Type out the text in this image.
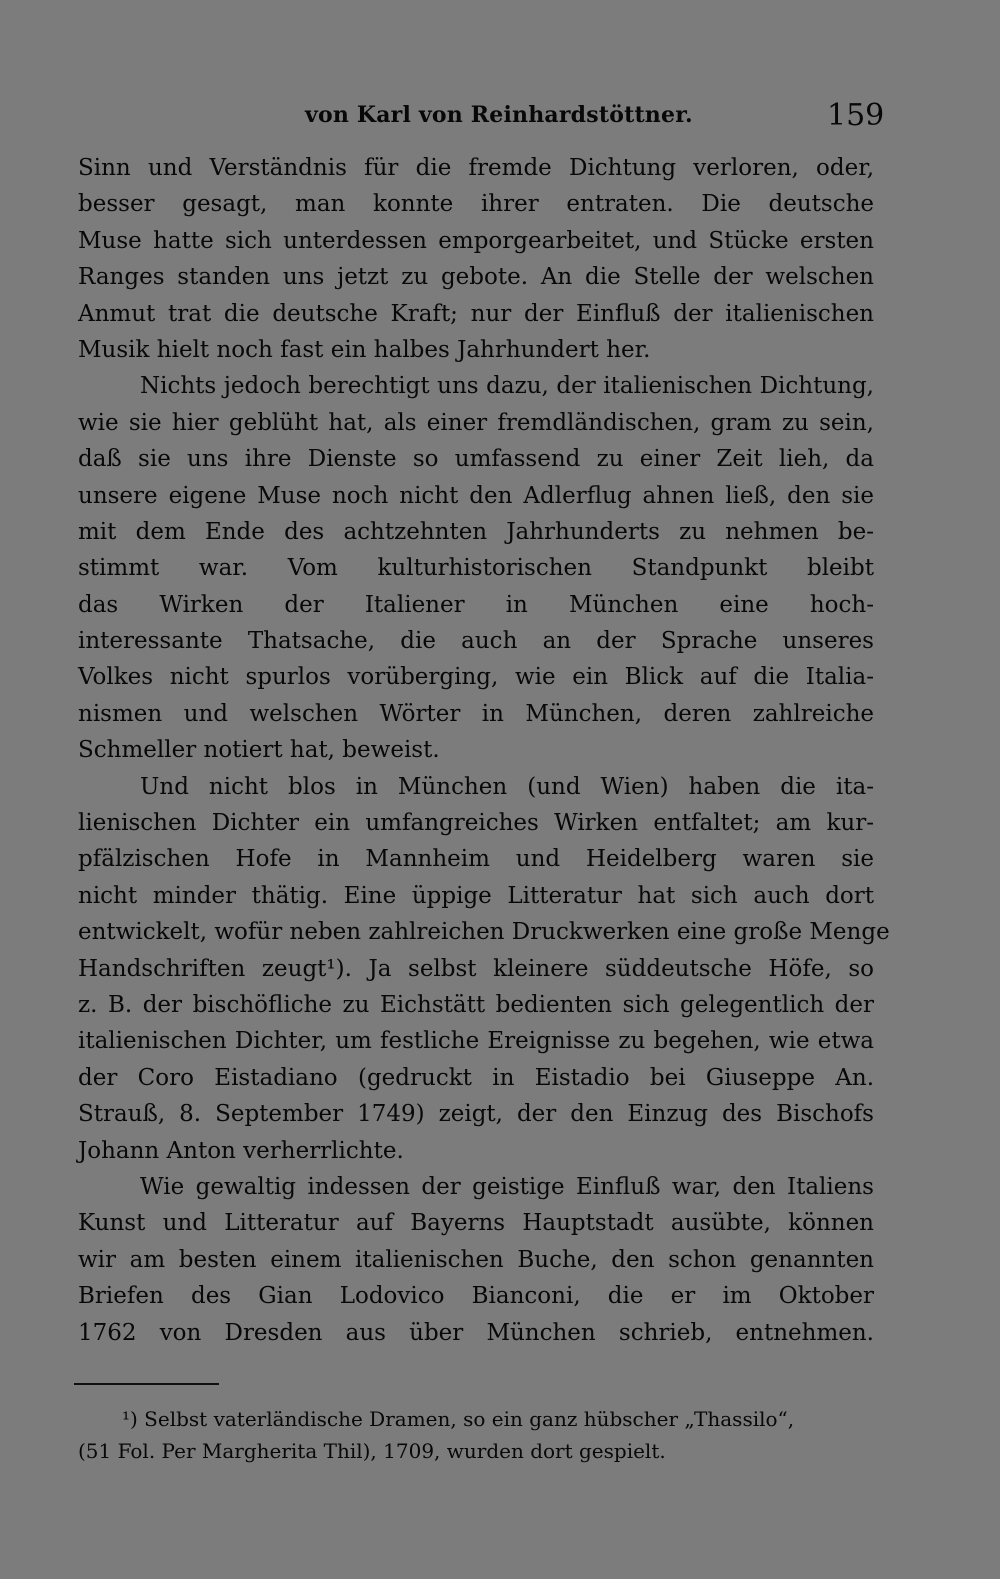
von Karl von Reinhardstöttner.	159
Sinn und Verständnis für die fremde Dichtung verloren, oder,
besser gesagt, man konnte ihrer entraten. Die deutsche
Muse hatte sich unterdessen emporgearbeitet, und Stücke ersten
Ranges standen uns jetzt zu gebote. An die Stelle der welschen
Anmut trat die deutsche Kraft; nur der Einfluß der italienischen
Musik hielt noch fast ein halbes Jahrhundert her.
Nichts jedoch berechtigt uns dazu, der italienischen Dichtung,
wie sie hier geblüht hat, als einer fremdländischen, gram zu sein,
daß sie uns ihre Dienste so umfassend zu einer Zeit lieh, da
unsere eigene Muse noch nicht den Adlerflug ahnen ließ, den sie
mit dem Ende des achtzehnten Jahrhunderts zu nehmen be-
stimmt war. Vom kulturhistorischen Standpunkt bleibt
das Wirken der Italiener in München eine hoch-
interessante Thatsache, die auch an der Sprache unseres
Volkes nicht spurlos vorüberging, wie ein Blick auf die Italia-
nismen und welschen Wörter in München, deren zahlreiche
Schmeller notiert hat, beweist.
Und nicht blos in München (und Wien) haben die ita-
lienischen Dichter ein umfangreiches Wirken entfaltet; am kur-
pfälzischen Hofe in Mannheim und Heidelberg waren sie
nicht minder thätig. Eine üppige Litteratur hat sich auch dort
entwickelt, wofür neben zahlreichen Druckwerken eine große Menge
Handschriften zeugt¹). Ja selbst kleinere süddeutsche Höfe, so
z. B. der bischöfliche zu Eichstätt bedienten sich gelegentlich der
italienischen Dichter, um festliche Ereignisse zu begehen, wie etwa
der Coro Eistadiano (gedruckt in Eistadio bei Giuseppe An.
Strauß, 8. September 1749) zeigt, der den Einzug des Bischofs
Johann Anton verherrlichte.
Wie gewaltig indessen der geistige Einfluß war, den Italiens
Kunst und Litteratur auf Bayerns Hauptstadt ausübte, können
wir am besten einem italienischen Buche, den schon genannten
Briefen des Gian Lodovico Bianconi, die er im Oktober
1762 von Dresden aus über München schrieb, entnehmen.
¹) Selbst vaterländische Dramen, so ein ganz hübscher „Thassilo“,
(51 Fol. Per Margherita Thil), 1709, wurden dort gespielt.
